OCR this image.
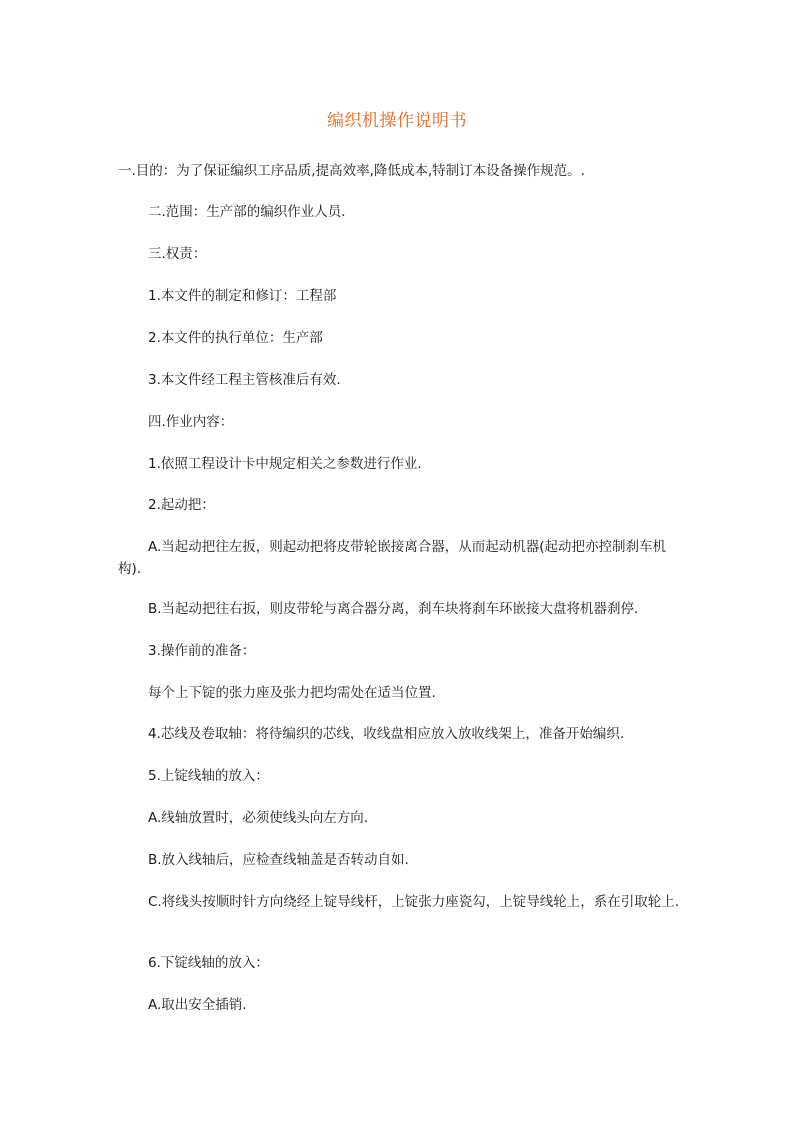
编织机操作说明书

一.目的：为了保证编织工序品质,提高效率,降低成本,特制订本设备操作规范。.

二.范围：生产部的编织作业人员.

三.权责：

1.本文件的制定和修订：工程部

2.本文件的执行单位：生产部

3.本文件经工程主管核准后有效.

四.作业内容：

1.依照工程设计卡中规定相关之参数进行作业.

2.起动把：

A.当起动把往左扳，则起动把将皮带轮嵌接离合器，从而起动机器(起动把亦控制刹车机构).

B.当起动把往右扳，则皮带轮与离合器分离，刹车块将刹车环嵌接大盘将机器刹停.

3.操作前的准备：

每个上下锭的张力座及张力把均需处在适当位置.

4.芯线及卷取轴：将待编织的芯线，收线盘相应放入放收线架上，准备开始编织.

5.上锭线轴的放入：

A.线轴放置时，必须使线头向左方向.

B.放入线轴后，应检查线轴盖是否转动自如.

C.将线头按顺时针方向绕经上锭导线杆，上锭张力座瓷勾，上锭导线轮上，系在引取轮上.

6.下锭线轴的放入：

A.取出安全插销.
